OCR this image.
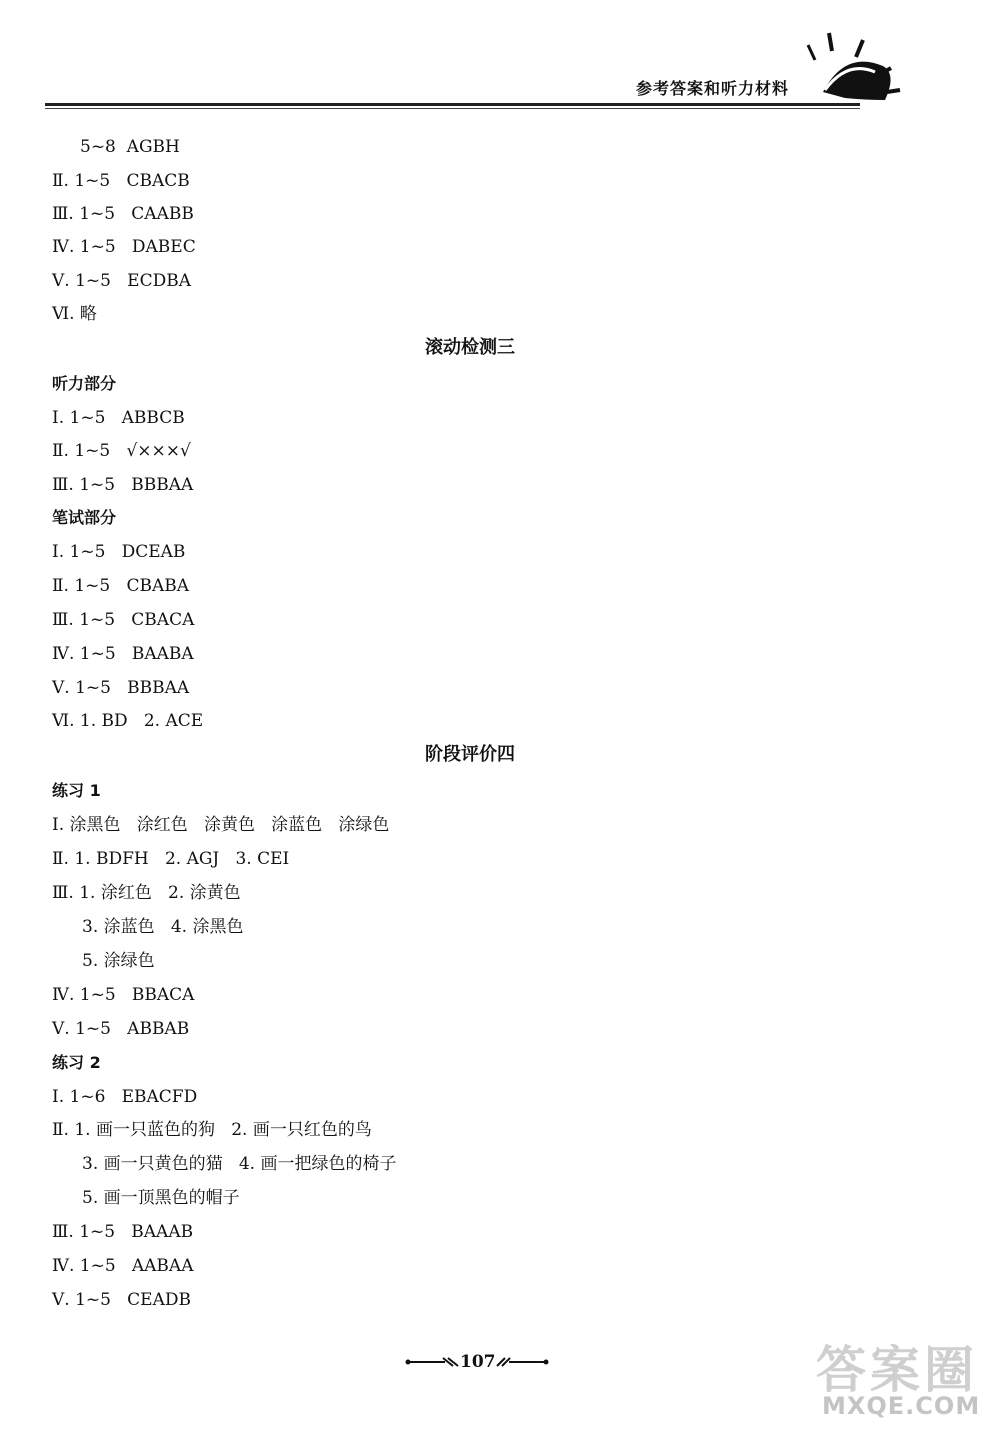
参考答案和听力材料
5~8  AGBH
Ⅱ. 1~5   CBACB
Ⅲ. 1~5   CAABB
Ⅳ. 1~5   DABEC
Ⅴ. 1~5   ECDBA
Ⅵ. 略
滚动检测三
听力部分
Ⅰ. 1~5   ABBCB
Ⅱ. 1~5   √×××√
Ⅲ. 1~5   BBBAA
笔试部分
Ⅰ. 1~5   DCEAB
Ⅱ. 1~5   CBABA
Ⅲ. 1~5   CBACA
Ⅳ. 1~5   BAABA
Ⅴ. 1~5   BBBAA
Ⅵ. 1. BD   2. ACE
阶段评价四
练习 1
Ⅰ. 涂黑色   涂红色   涂黄色   涂蓝色   涂绿色
Ⅱ. 1. BDFH   2. AGJ   3. CEI
Ⅲ. 1. 涂红色   2. 涂黄色
3. 涂蓝色   4. 涂黑色
5. 涂绿色
Ⅳ. 1~5   BBACA
Ⅴ. 1~5   ABBAB
练习 2
Ⅰ. 1~6   EBACFD
Ⅱ. 1. 画一只蓝色的狗   2. 画一只红色的鸟
3. 画一只黄色的猫   4. 画一把绿色的椅子
5. 画一顶黑色的帽子
Ⅲ. 1~5   BAAAB
Ⅳ. 1~5   AABAA
Ⅴ. 1~5   CEADB
107	答案圈
MXQE.COM
